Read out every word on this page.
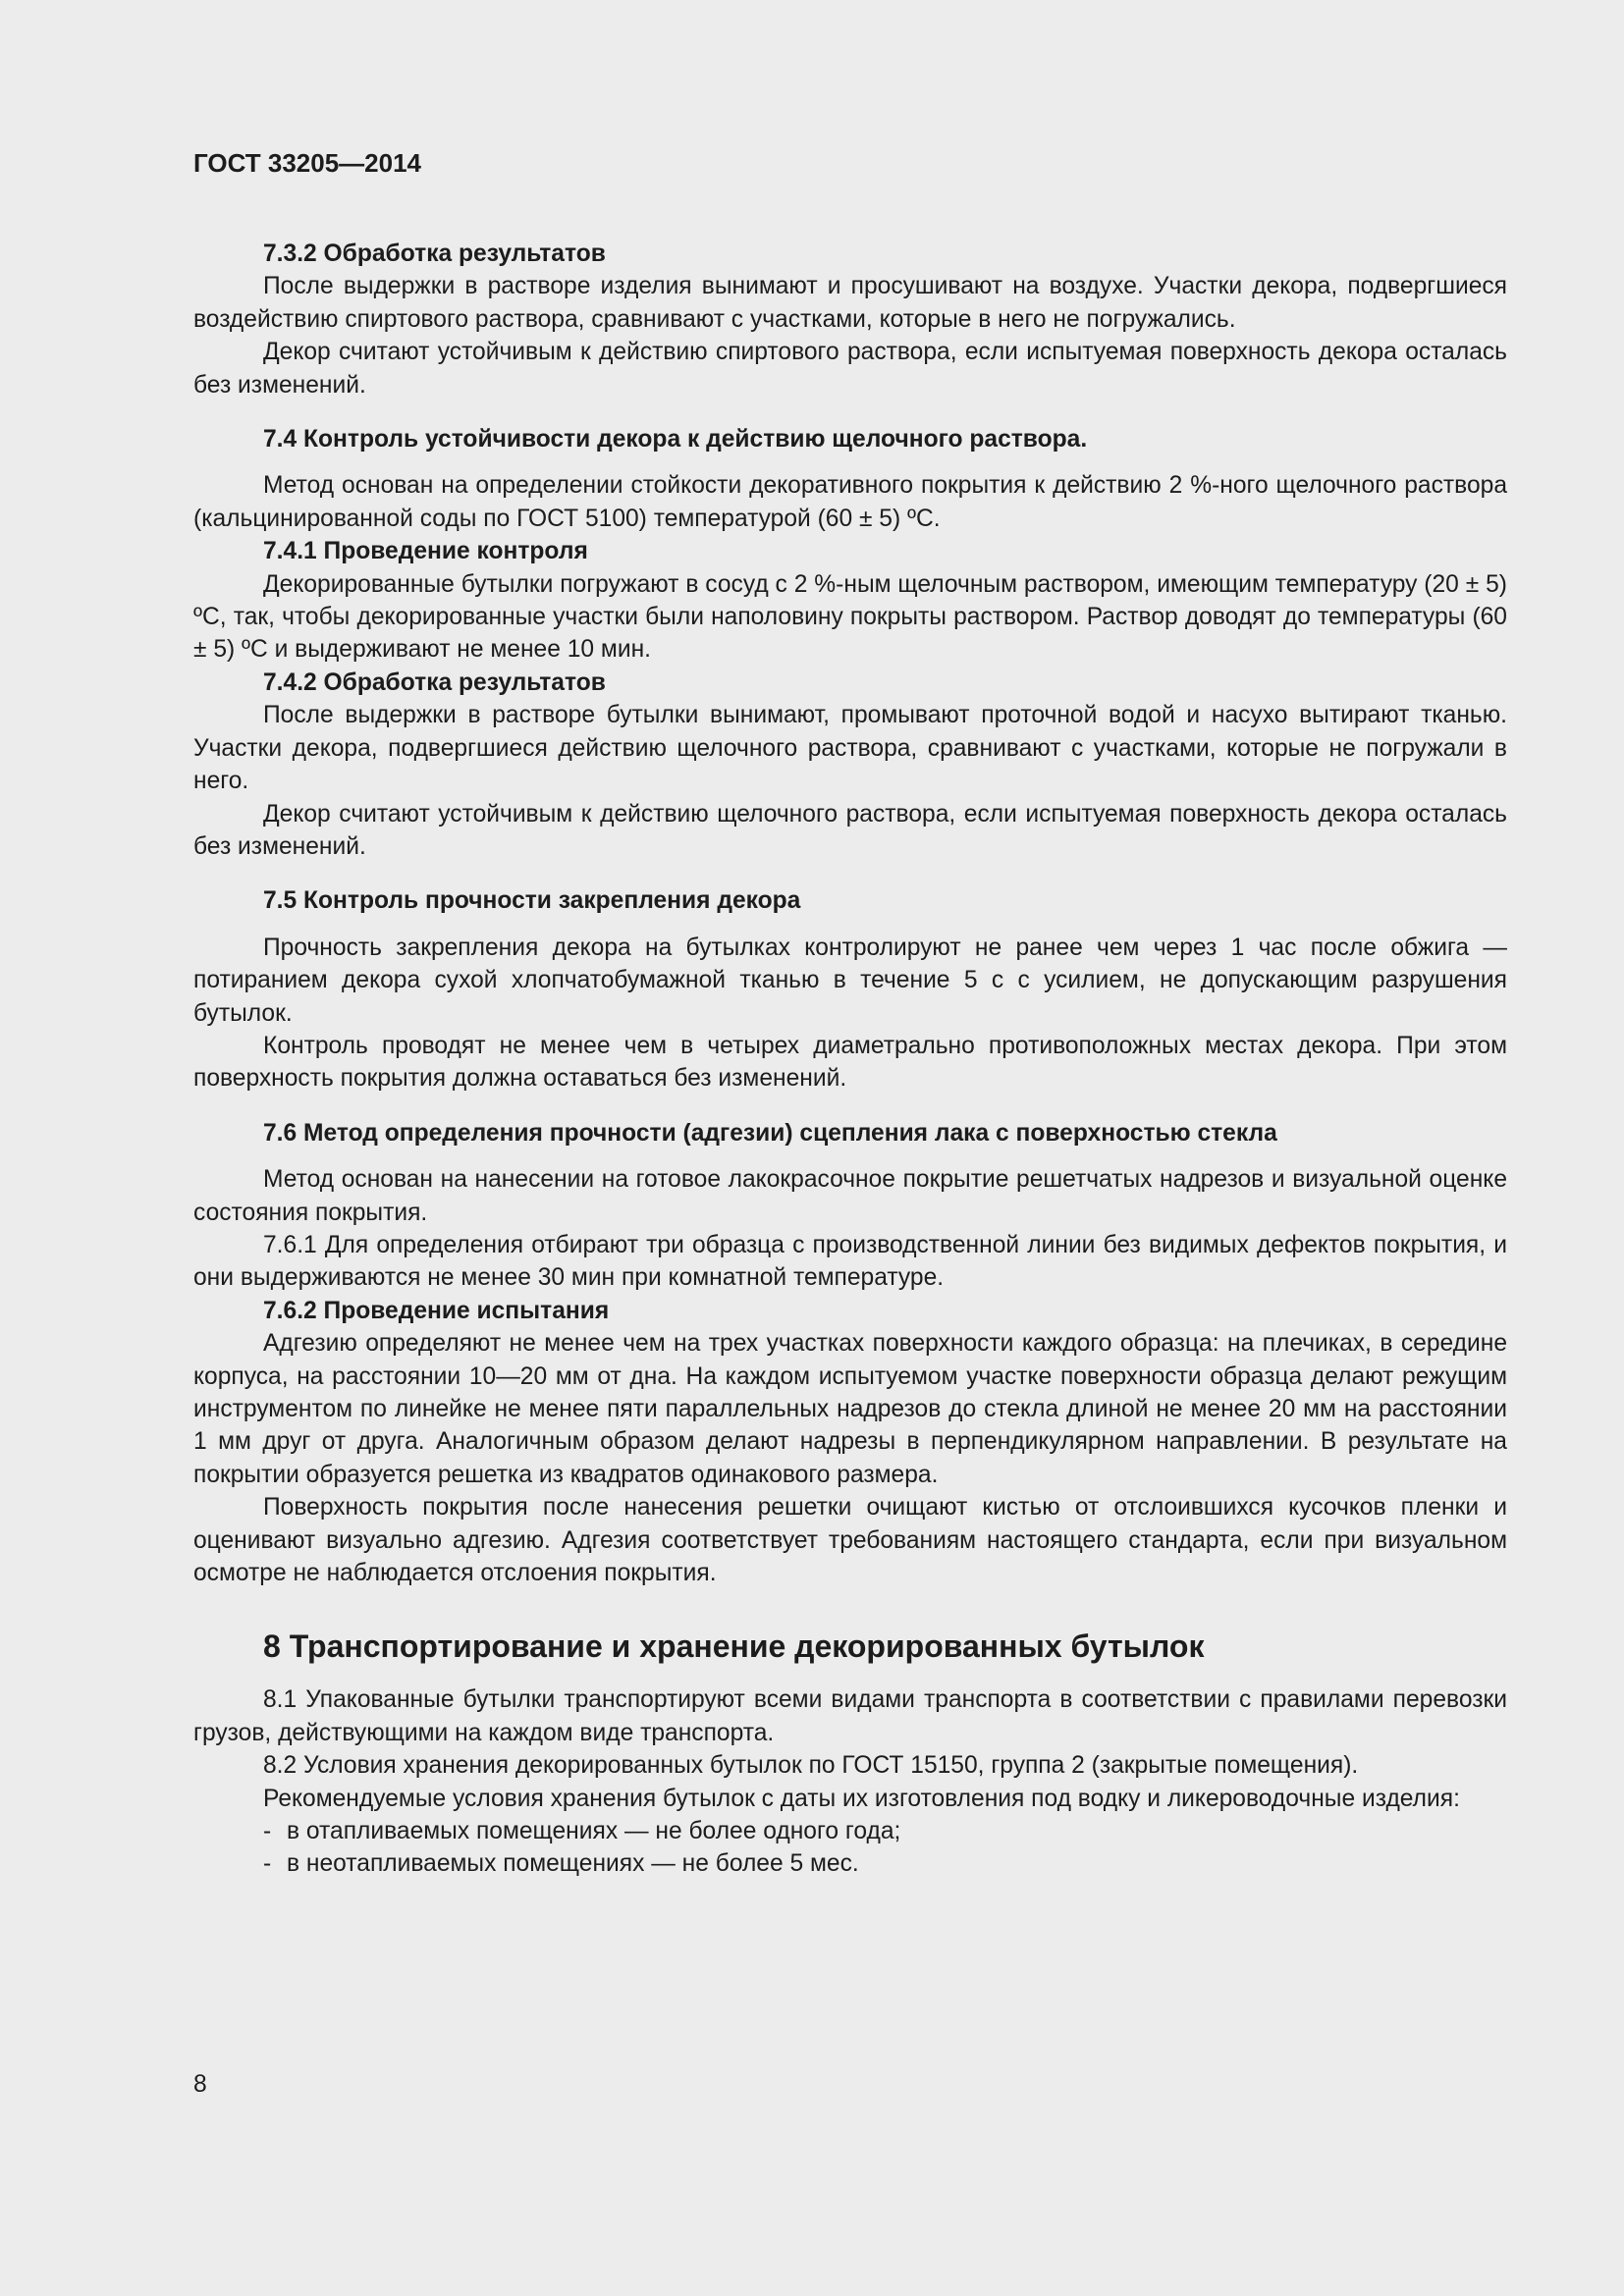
ГОСТ 33205—2014
7.3.2 Обработка результатов

После выдержки в растворе изделия вынимают и просушивают на воздухе. Участки декора, подвергшиеся воздействию спиртового раствора, сравнивают с участками, которые в него не погружались.

Декор считают устойчивым к действию спиртового раствора, если испытуемая поверхность декора осталась без изменений.

7.4 Контроль устойчивости декора к действию щелочного раствора.

Метод основан на определении стойкости декоративного покрытия к действию 2 %-ного щелочного раствора (кальцинированной соды по ГОСТ 5100) температурой (60 ± 5) ºС.

7.4.1 Проведение контроля

Декорированные бутылки погружают в сосуд с 2 %-ным щелочным раствором, имеющим температуру (20 ± 5) ºС, так, чтобы декорированные участки были наполовину покрыты раствором. Раствор доводят до температуры (60 ± 5) ºС и выдерживают не менее 10 мин.

7.4.2 Обработка результатов

После выдержки в растворе бутылки вынимают, промывают проточной водой и насухо вытирают тканью. Участки декора, подвергшиеся действию щелочного раствора, сравнивают с участками, которые не погружали в него.

Декор считают устойчивым к действию щелочного раствора, если испытуемая поверхность декора осталась без изменений.

7.5 Контроль прочности закрепления декора

Прочность закрепления декора на бутылках контролируют не ранее чем через 1 час после обжига — потиранием декора сухой хлопчатобумажной тканью в течение 5 с с усилием, не допускающим разрушения бутылок.

Контроль проводят не менее чем в четырех диаметрально противоположных местах декора. При этом поверхность покрытия должна оставаться без изменений.

7.6 Метод определения прочности (адгезии) сцепления лака с поверхностью стекла

Метод основан на нанесении на готовое лакокрасочное покрытие решетчатых надрезов и визуальной оценке состояния покрытия.

7.6.1 Для определения отбирают три образца с производственной линии без видимых дефектов покрытия, и они выдерживаются не менее 30 мин при комнатной температуре.

7.6.2 Проведение испытания

Адгезию определяют не менее чем на трех участках поверхности каждого образца: на плечиках, в середине корпуса, на расстоянии 10—20 мм от дна. На каждом испытуемом участке поверхности образца делают режущим инструментом по линейке не менее пяти параллельных надрезов до стекла длиной не менее 20 мм на расстоянии 1 мм друг от друга. Аналогичным образом делают надрезы в перпендикулярном направлении. В результате на покрытии образуется решетка из квадратов одинакового размера.

Поверхность покрытия после нанесения решетки очищают кистью от отслоившихся кусочков пленки и оценивают визуально адгезию. Адгезия соответствует требованиям настоящего стандарта, если при визуальном осмотре не наблюдается отслоения покрытия.

8 Транспортирование и хранение декорированных бутылок

8.1 Упакованные бутылки транспортируют всеми видами транспорта в соответствии с правилами перевозки грузов, действующими на каждом виде транспорта.

8.2 Условия хранения декорированных бутылок по ГОСТ 15150, группа 2 (закрытые помещения).

Рекомендуемые условия хранения бутылок с даты их изготовления под водку и ликероводочные изделия:

- в отапливаемых помещениях — не более одного года;
- в неотапливаемых помещениях — не более 5 мес.
8
